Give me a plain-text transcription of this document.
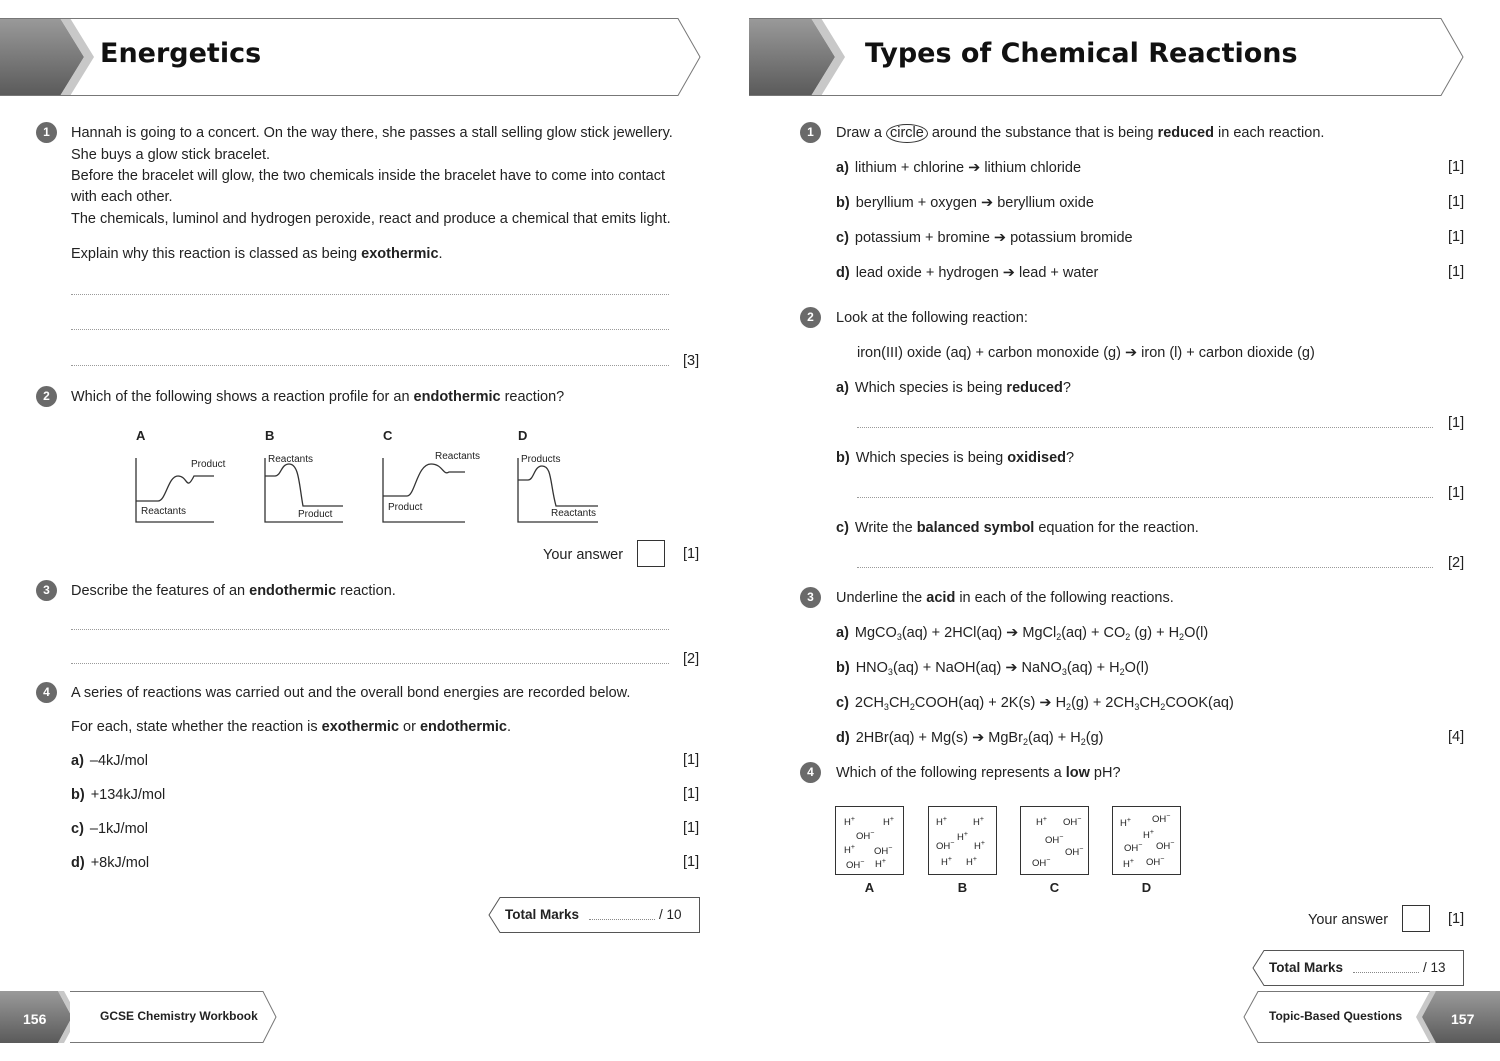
Energetics
1	Hannah is going to a concert. On the way there, she passes a stall selling glow stick jewellery.
She buys a glow stick bracelet.
Before the bracelet will glow, the two chemicals inside the bracelet have to come into contact
with each other.
The chemicals, luminol and hydrogen peroxide, react and produce a chemical that emits light.
Explain why this reaction is classed as being exothermic.
[3]
2	Which of the following shows a reaction profile for an endothermic reaction?
A
Product
Reactants
B
Reactants
Product
C
Reactants
Product
D
Products
Reactants
Your answer	[1]
3	Describe the features of an endothermic reaction.
[2]
4	A series of reactions was carried out and the overall bond energies are recorded below.
For each, state whether the reaction is exothermic or endothermic.
a) –4kJ/mol	[1]
b) +134kJ/mol	[1]
c) –1kJ/mol	[1]
d) +8kJ/mol	[1]
Total Marks	/ 10
156	GCSE Chemistry Workbook
Types of Chemical Reactions
1	Draw a circle around the substance that is being reduced in each reaction.
a) lithium + chlorine ➔ lithium chloride	[1]
b) beryllium + oxygen ➔ beryllium oxide	[1]
c) potassium + bromine ➔ potassium bromide	[1]
d) lead oxide + hydrogen ➔ lead + water	[1]
2	Look at the following reaction:
iron(III) oxide (aq) + carbon monoxide (g) ➔ iron (l) + carbon dioxide (g)
a) Which species is being reduced?
[1]
b) Which species is being oxidised?
[1]
c) Write the balanced symbol equation for the reaction.
[2]
3	Underline the acid in each of the following reactions.
a) MgCO$_3$(aq) + 2HCl(aq) ➔ MgCl$_2$(aq) + $CO_2$ $(g) + H_2O(l)$
b) $HNO_3(aq)$ + NaOH(aq) ➔ NaNO$_3$(aq) + $H_2O(l)$
c) $2CH_3CH_2COOH(aq) + 2K(s)$ ➔ $H_2(g)$ + $2CH_3CH_2COOK(aq)$
d) 2HBr(aq) + Mg(s) ➔ MgBr$_2$(aq) + $H_2(g)$	[4]
4	Which of the following represents a low pH?
H+	H+
OH−
H+ OH−
OH− H+
A
H+	H+
H+
OH− H+
H+ H+
B
H+ OH−
OH−
OH−
OH−
C
H+ OH−
H+
OH− OH−
H+ OH−
D
Your answer	[1]
Total Marks	/ 13
Topic-Based Questions	157
